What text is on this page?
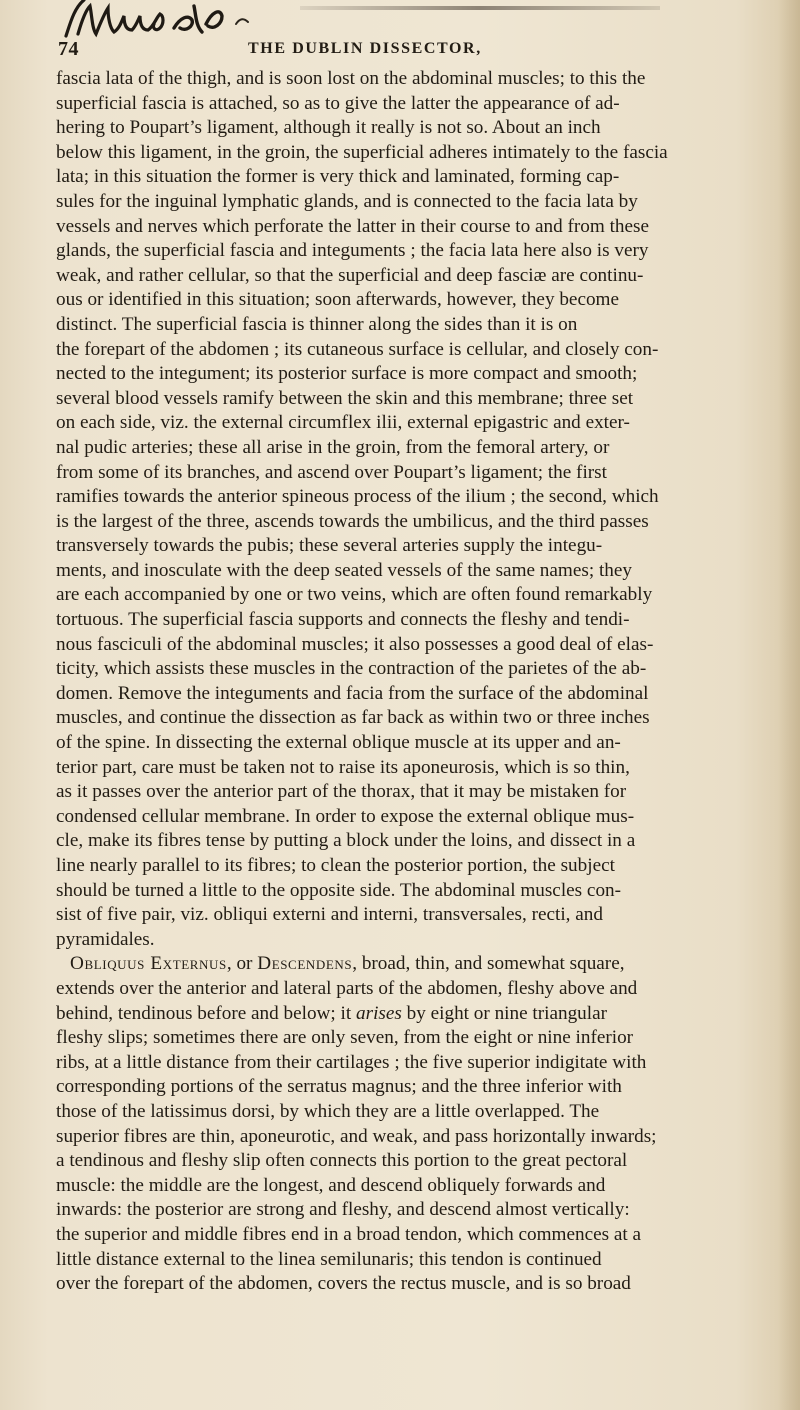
74	THE DUBLIN DISSECTOR,
fascia lata of the thigh, and is soon lost on the abdominal muscles; to this the
superficial fascia is attached, so as to give the latter the appearance of ad-
hering to Poupart’s ligament, although it really is not so. About an inch
below this ligament, in the groin, the superficial adheres intimately to the fascia
lata; in this situation the former is very thick and laminated, forming cap-
sules for the inguinal lymphatic glands, and is connected to the facia lata by
vessels and nerves which perforate the latter in their course to and from these
glands, the superficial fascia and integuments ; the facia lata here also is very
weak, and rather cellular, so that the superficial and deep fasciæ are continu-
ous or identified in this situation; soon afterwards, however, they become
distinct. The superficial fascia is thinner along the sides than it is on
the forepart of the abdomen ; its cutaneous surface is cellular, and closely con-
nected to the integument; its posterior surface is more compact and smooth;
several blood vessels ramify between the skin and this membrane; three set
on each side, viz. the external circumflex ilii, external epigastric and exter-
nal pudic arteries; these all arise in the groin, from the femoral artery, or
from some of its branches, and ascend over Poupart’s ligament; the first
ramifies towards the anterior spineous process of the ilium ; the second, which
is the largest of the three, ascends towards the umbilicus, and the third passes
transversely towards the pubis; these several arteries supply the integu-
ments, and inosculate with the deep seated vessels of the same names; they
are each accompanied by one or two veins, which are often found remarkably
tortuous. The superficial fascia supports and connects the fleshy and tendi-
nous fasciculi of the abdominal muscles; it also possesses a good deal of elas-
ticity, which assists these muscles in the contraction of the parietes of the ab-
domen. Remove the integuments and facia from the surface of the abdominal
muscles, and continue the dissection as far back as within two or three inches
of the spine. In dissecting the external oblique muscle at its upper and an-
terior part, care must be taken not to raise its aponeurosis, which is so thin,
as it passes over the anterior part of the thorax, that it may be mistaken for
condensed cellular membrane. In order to expose the external oblique mus-
cle, make its fibres tense by putting a block under the loins, and dissect in a
line nearly parallel to its fibres; to clean the posterior portion, the subject
should be turned a little to the opposite side. The abdominal muscles con-
sist of five pair, viz. obliqui externi and interni, transversales, recti, and
pyramidales.
Obliquus Externus, or Descendens, broad, thin, and somewhat square,
extends over the anterior and lateral parts of the abdomen, fleshy above and
behind, tendinous before and below; it arises by eight or nine triangular
fleshy slips; sometimes there are only seven, from the eight or nine inferior
ribs, at a little distance from their cartilages ; the five superior indigitate with
corresponding portions of the serratus magnus; and the three inferior with
those of the latissimus dorsi, by which they are a little overlapped. The
superior fibres are thin, aponeurotic, and weak, and pass horizontally inwards;
a tendinous and fleshy slip often connects this portion to the great pectoral
muscle: the middle are the longest, and descend obliquely forwards and
inwards: the posterior are strong and fleshy, and descend almost vertically:
the superior and middle fibres end in a broad tendon, which commences at a
little distance external to the linea semilunaris; this tendon is continued
over the forepart of the abdomen, covers the rectus muscle, and is so broad
